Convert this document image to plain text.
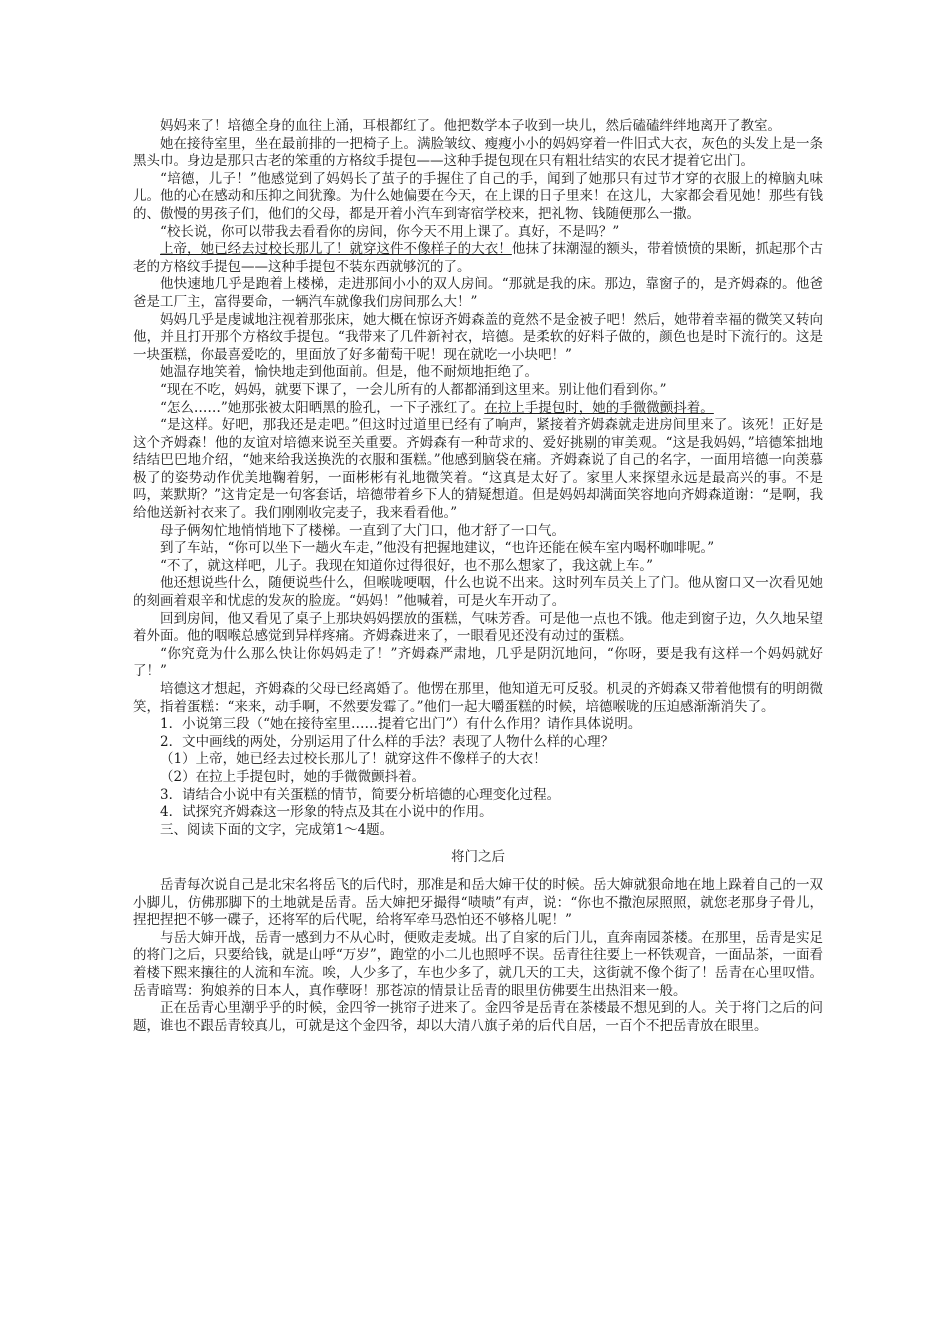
妈妈来了！培德全身的血往上涌，耳根都红了。他把数学本子收到一块儿，然后磕磕绊绊地离开了教室。

她在接待室里，坐在最前排的一把椅子上。满脸皱纹、瘦瘦小小的妈妈穿着一件旧式大衣，灰色的头发上是一条黑头巾。身边是那只古老的笨重的方格纹手提包——这种手提包现在只有粗壮结实的农民才提着它出门。

“培德，儿子！”他感觉到了妈妈长了茧子的手握住了自己的手，闻到了她那只有过节才穿的衣服上的樟脑丸味儿。他的心在感动和压抑之间犹豫。为什么她偏要在今天，在上课的日子里来！在这儿，大家都会看见她！那些有钱的、傲慢的男孩子们，他们的父母，都是开着小汽车到寄宿学校来，把礼物、钱随便那么一撒。

“校长说，你可以带我去看看你的房间，你今天不用上课了。真好，不是吗？”

上帝，她已经去过校长那儿了！就穿这件不像样子的大衣！他抹了抹潮湿的额头，带着愤愤的果断，抓起那个古老的方格纹手提包——这种手提包不装东西就够沉的了。

他快速地几乎是跑着上楼梯，走进那间小小的双人房间。“那就是我的床。那边，靠窗子的，是齐姆森的。他爸爸是工厂主，富得要命，一辆汽车就像我们房间那么大！”

妈妈几乎是虔诚地注视着那张床，她大概在惊讶齐姆森盖的竟然不是金被子吧！然后，她带着幸福的微笑又转向他，并且打开那个方格纹手提包。“我带来了几件新衬衣，培德。是柔软的好料子做的，颜色也是时下流行的。这是一块蛋糕，你最喜爱吃的，里面放了好多葡萄干呢！现在就吃一小块吧！”

她温存地笑着，愉快地走到他面前。但是，他不耐烦地拒绝了。

“现在不吃，妈妈，就要下课了，一会儿所有的人都都涌到这里来。别让他们看到你。”

“怎么……”她那张被太阳晒黑的脸孔，一下子涨红了。在拉上手提包时，她的手微微颤抖着。

“是这样。好吧，那我还是走吧。”但这时过道里已经有了响声，紧接着齐姆森就走进房间里来了。该死！正好是这个齐姆森！他的友谊对培德来说至关重要。齐姆森有一种苛求的、爱好挑剔的审美观。“这是我妈妈，”培德笨拙地结结巴巴地介绍，“她来给我送换洗的衣服和蛋糕。”他感到脑袋在痛。齐姆森说了自己的名字，一面用培德一向羡慕极了的姿势动作优美地鞠着躬，一面彬彬有礼地微笑着。“这真是太好了。家里人来探望永远是最高兴的事。不是吗，莱默斯？”这肯定是一句客套话，培德带着乡下人的猜疑想道。但是妈妈却满面笑容地向齐姆森道谢：“是啊，我给他送新衬衣来了。我们刚刚收完麦子，我来看看他。”

母子俩匆忙地悄悄地下了楼梯。一直到了大门口，他才舒了一口气。

到了车站，“你可以坐下一趟火车走，”他没有把握地建议，“也许还能在候车室内喝杯咖啡呢。”

“不了，就这样吧，儿子。我现在知道你过得很好，也不那么想家了，我这就上车。”

他还想说些什么，随便说些什么，但喉咙哽咽，什么也说不出来。这时列车员关上了门。他从窗口又一次看见她的刻画着艰辛和忧虑的发灰的脸庞。“妈妈！”他喊着，可是火车开动了。

回到房间，他又看见了桌子上那块妈妈摆放的蛋糕，气味芳香。可是他一点也不饿。他走到窗子边，久久地呆望着外面。他的咽喉总感觉到异样疼痛。齐姆森进来了，一眼看见还没有动过的蛋糕。

“你究竟为什么那么快让你妈妈走了！”齐姆森严肃地，几乎是阴沉地问，“你呀，要是我有这样一个妈妈就好了！”

培德这才想起，齐姆森的父母已经离婚了。他愣在那里，他知道无可反驳。机灵的齐姆森又带着他惯有的明朗微笑，指着蛋糕：“来来，动手啊，不然要发霉了。”他们一起大嚼蛋糕的时候，培德喉咙的压迫感渐渐消失了。

1．小说第三段（“她在接待室里……提着它出门”）有什么作用？请作具体说明。

2．文中画线的两处，分别运用了什么样的手法？表现了人物什么样的心理？

（1）上帝，她已经去过校长那儿了！就穿这件不像样子的大衣！

（2）在拉上手提包时，她的手微微颤抖着。

3．请结合小说中有关蛋糕的情节，简要分析培德的心理变化过程。

4．试探究齐姆森这一形象的特点及其在小说中的作用。

三、阅读下面的文字，完成第1～4题。

将门之后

岳青每次说自己是北宋名将岳飞的后代时，那准是和岳大婶干仗的时候。岳大婶就狠命地在地上跺着自己的一双小脚儿，仿佛那脚下的土地就是岳青。岳大婶把牙撮得“啧啧”有声，说：“你也不撒泡尿照照，就您老那身子骨儿，捏把捏把不够一碟子，还将军的后代呢，给将军牵马恐怕还不够格儿呢！”

与岳大婶开战，岳青一感到力不从心时，便败走麦城。出了自家的后门儿，直奔南园茶楼。在那里，岳青是实足的将门之后，只要给钱，就是山呼“万岁”，跑堂的小二儿也照呼不误。岳青往往要上一杯铁观音，一面品茶，一面看着楼下熙来攘往的人流和车流。唉，人少多了，车也少多了，就几天的工夫，这街就不像个街了！岳青在心里叹惜。岳青暗骂：狗娘养的日本人，真作孽呀！那苍凉的情景让岳青的眼里仿佛要生出热泪来一般。

正在岳青心里潮乎乎的时候，金四爷一挑帘子进来了。金四爷是岳青在茶楼最不想见到的人。关于将门之后的问题，谁也不跟岳青较真儿，可就是这个金四爷，却以大清八旗子弟的后代自居，一百个不把岳青放在眼里。
